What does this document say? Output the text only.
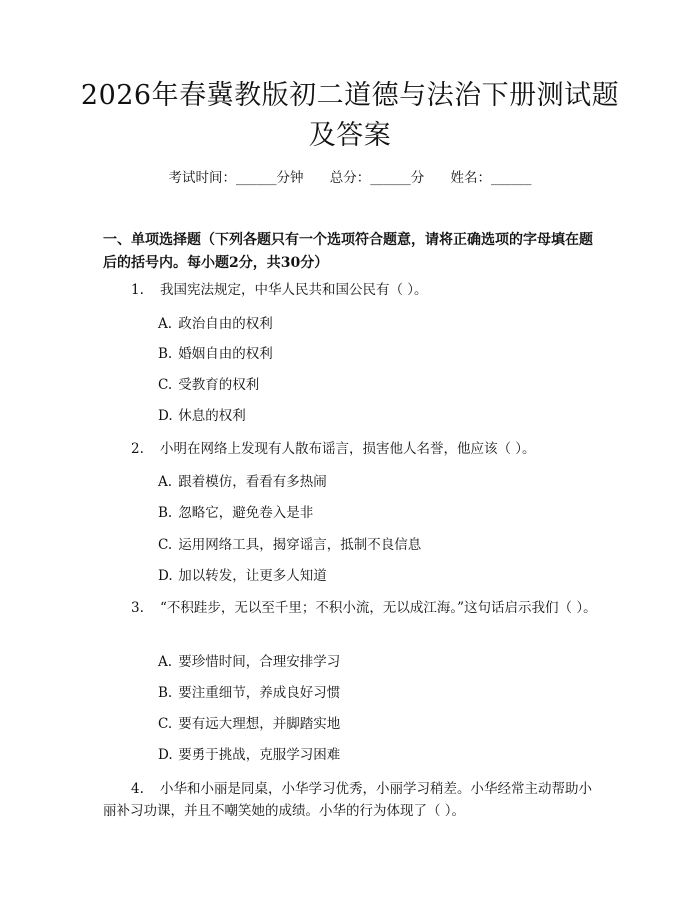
2026年春冀教版初二道德与法治下册测试题
及答案
考试时间：______分钟 总分：______分 姓名：______
一、单项选择题（下列各题只有一个选项符合题意，请将正确选项的字母填在题后的括号内。每小题2分，共30分）
1. 我国宪法规定，中华人民共和国公民有（ ）。
A. 政治自由的权利
B. 婚姻自由的权利
C. 受教育的权利
D. 休息的权利
2. 小明在网络上发现有人散布谣言，损害他人名誉，他应该（ ）。
A. 跟着模仿，看看有多热闹
B. 忽略它，避免卷入是非
C. 运用网络工具，揭穿谣言，抵制不良信息
D. 加以转发，让更多人知道
3. “不积跬步，无以至千里；不积小流，无以成江海。”这句话启示我们（ ）。
A. 要珍惜时间，合理安排学习
B. 要注重细节，养成良好习惯
C. 要有远大理想，并脚踏实地
D. 要勇于挑战，克服学习困难
4. 小华和小丽是同桌，小华学习优秀，小丽学习稍差。小华经常主动帮助小丽补习功课，并且不嘲笑她的成绩。小华的行为体现了（ ）。
